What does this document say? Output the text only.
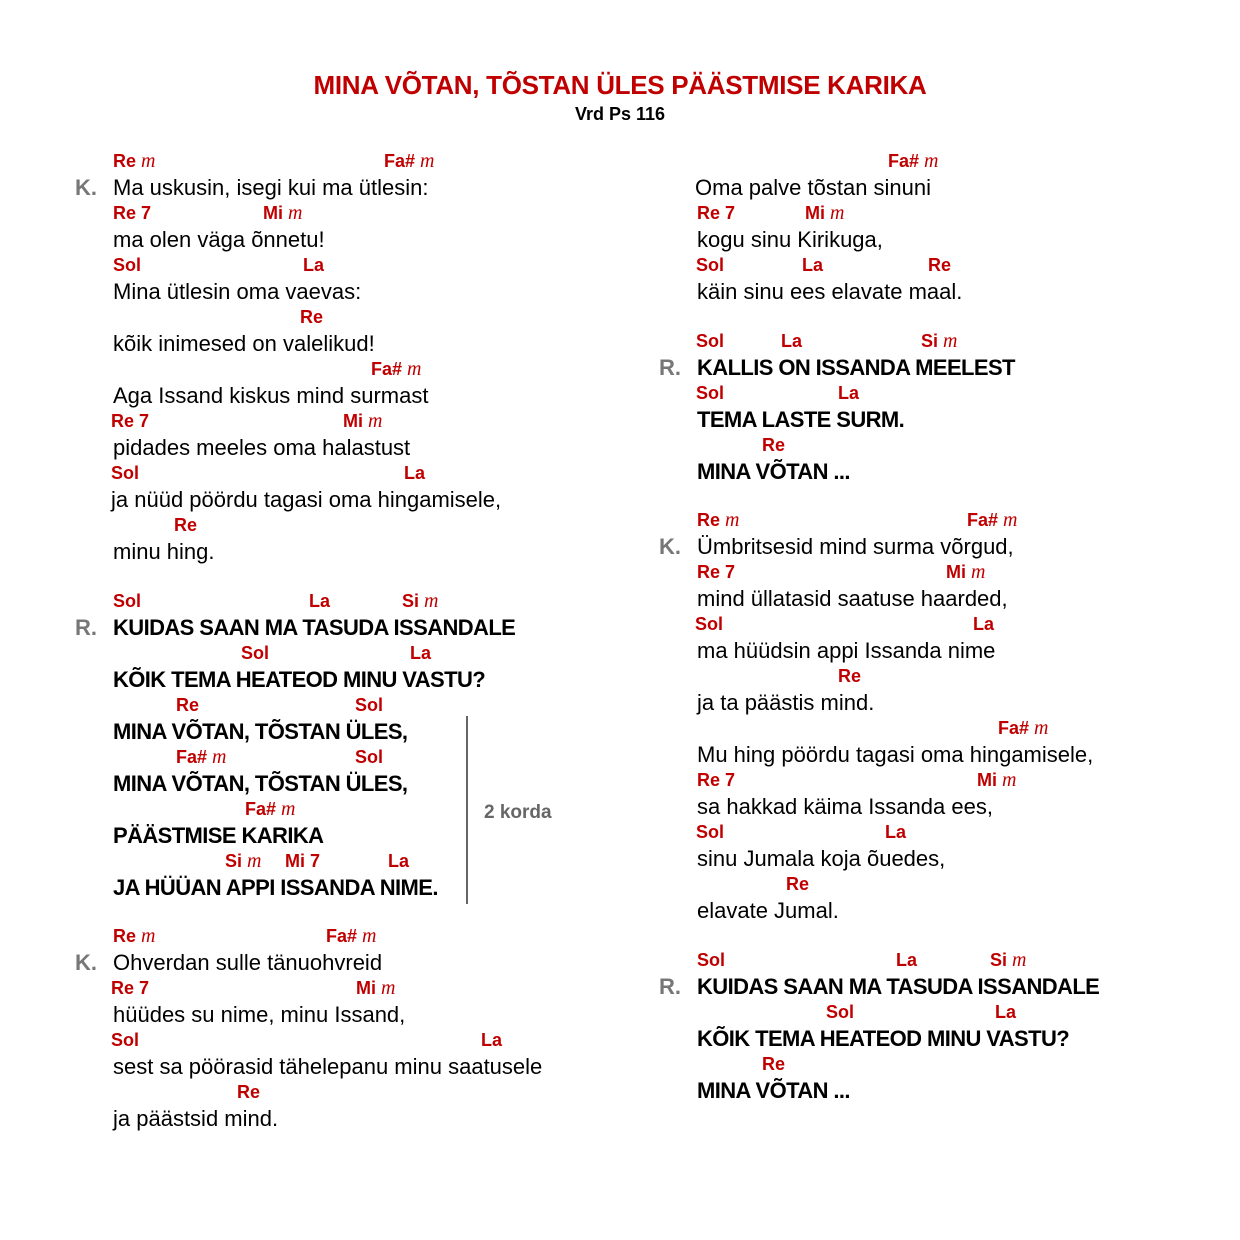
MINA VÕTAN, TÕSTAN ÜLES PÄÄSTMISE KARIKA
Vrd Ps 116
Re m	Fa# m
K. Ma uskusin, isegi kui ma ütlesin:
Re 7	Mi m
ma olen väga õnnetu!
Sol	La
Mina ütlesin oma vaevas:
Re
kõik inimesed on valelikud!
Fa# m
Aga Issand kiskus mind surmast
Re 7	Mi m
pidades meeles oma halastust
Sol	La
ja nüüd pöördu tagasi oma hingamisele,
Re
minu hing.
Sol	La	Si m
R. KUIDAS SAAN MA TASUDA ISSANDALE
Sol	La
KÕIK TEMA HEATEOD MINU VASTU?
Re	Sol
MINA VÕTAN, TÕSTAN ÜLES,
Fa# m	Sol
MINA VÕTAN, TÕSTAN ÜLES,
Fa# m
PÄÄSTMISE KARIKA
Si m Mi 7	La
JA HÜÜAN APPI ISSANDA NIME.
2 korda
Re m	Fa# m
K. Ohverdan sulle tänuohvreid
Re 7	Mi m
hüüdes su nime, minu Issand,
Sol	La
sest sa pöörasid tähelepanu minu saatusele
Re
ja päästsid mind.
Fa# m
Oma palve tõstan sinuni
Re 7	Mi m
kogu sinu Kirikuga,
Sol	La	Re
käin sinu ees elavate maal.
Sol	La	Si m
R. KALLIS ON ISSANDA MEELEST
Sol	La
TEMA LASTE SURM.
Re
MINA VÕTAN ...
Re m	Fa# m
K. Ümbritsesid mind surma võrgud,
Re 7	Mi m
mind üllatasid saatuse haarded,
Sol	La
ma hüüdsin appi Issanda nime
Re
ja ta päästis mind.
Fa# m
Mu hing pöördu tagasi oma hingamisele,
Re 7	Mi m
sa hakkad käima Issanda ees,
Sol	La
sinu Jumala koja õuedes,
Re
elavate Jumal.
Sol	La	Si m
R. KUIDAS SAAN MA TASUDA ISSANDALE
Sol	La
KÕIK TEMA HEATEOD MINU VASTU?
Re
MINA VÕTAN ...
